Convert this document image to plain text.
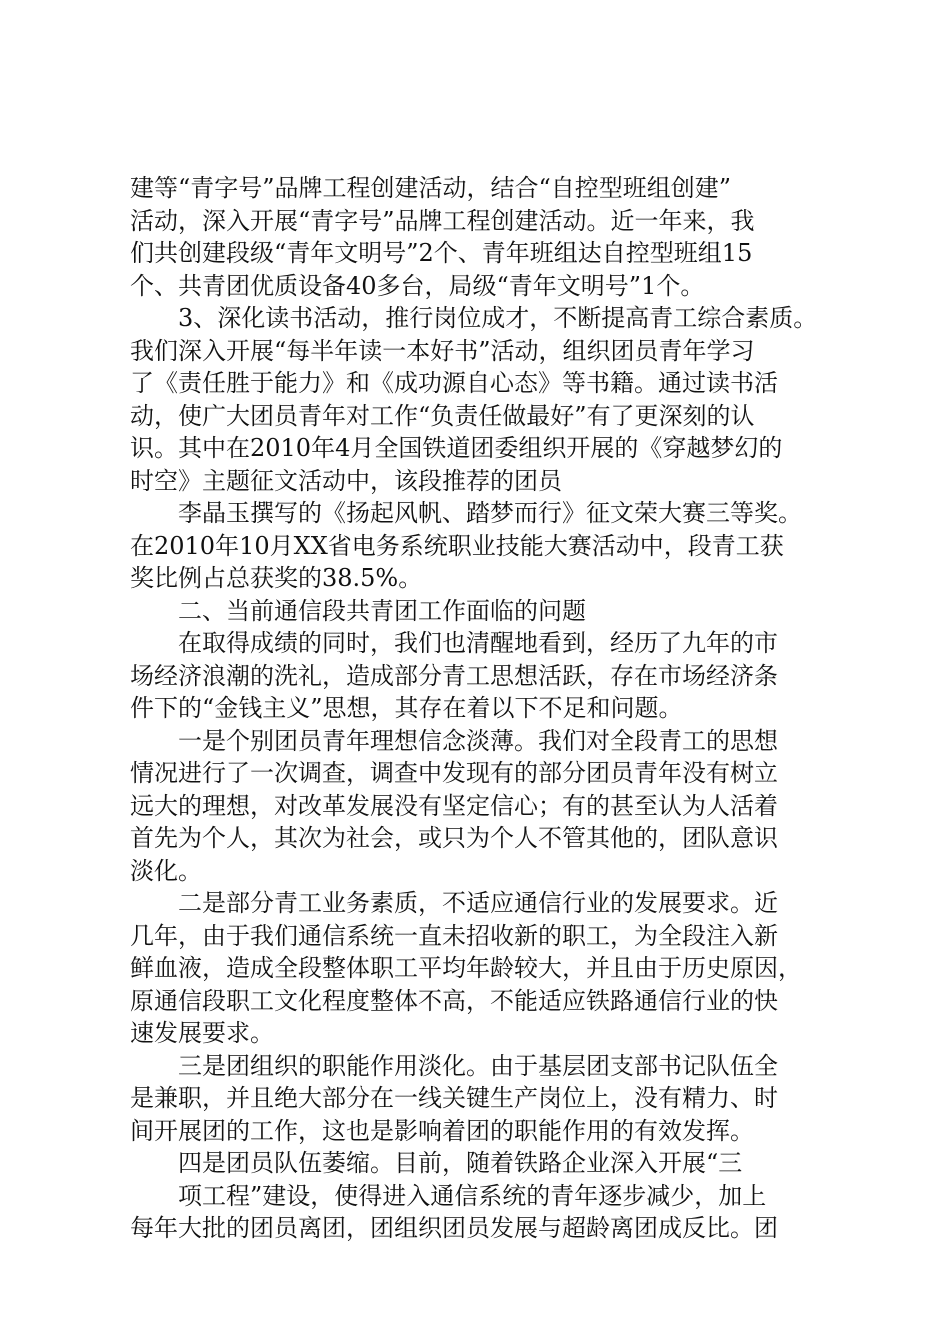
建等“青字号”品牌工程创建活动，结合“自控型班组创建”
活动，深入开展“青字号”品牌工程创建活动。近一年来，我
们共创建段级“青年文明号”2个、青年班组达自控型班组15
个、共青团优质设备40多台，局级“青年文明号”1个。

3、深化读书活动，推行岗位成才，不断提高青工综合素质。
我们深入开展“每半年读一本好书”活动，组织团员青年学习
了《责任胜于能力》和《成功源自心态》等书籍。通过读书活
动，使广大团员青年对工作“负责任做最好”有了更深刻的认
识。其中在2010年4月全国铁道团委组织开展的《穿越梦幻的
时空》主题征文活动中，该段推荐的团员

李晶玉撰写的《扬起风帆、踏梦而行》征文荣大赛三等奖。
在2010年10月XX省电务系统职业技能大赛活动中，段青工获
奖比例占总获奖的38.5%。

二、当前通信段共青团工作面临的问题

在取得成绩的同时，我们也清醒地看到，经历了九年的市
场经济浪潮的洗礼，造成部分青工思想活跃，存在市场经济条
件下的“金钱主义”思想，其存在着以下不足和问题。

一是个别团员青年理想信念淡薄。我们对全段青工的思想
情况进行了一次调查，调查中发现有的部分团员青年没有树立
远大的理想，对改革发展没有坚定信心；有的甚至认为人活着
首先为个人，其次为社会，或只为个人不管其他的，团队意识
淡化。

二是部分青工业务素质，不适应通信行业的发展要求。近
几年，由于我们通信系统一直未招收新的职工，为全段注入新
鲜血液，造成全段整体职工平均年龄较大，并且由于历史原因，
原通信段职工文化程度整体不高，不能适应铁路通信行业的快
速发展要求。

三是团组织的职能作用淡化。由于基层团支部书记队伍全
是兼职，并且绝大部分在一线关键生产岗位上，没有精力、时
间开展团的工作，这也是影响着团的职能作用的有效发挥。

四是团员队伍萎缩。目前，随着铁路企业深入开展“三

项工程”建设，使得进入通信系统的青年逐步减少，加上
每年大批的团员离团，团组织团员发展与超龄离团成反比。团
